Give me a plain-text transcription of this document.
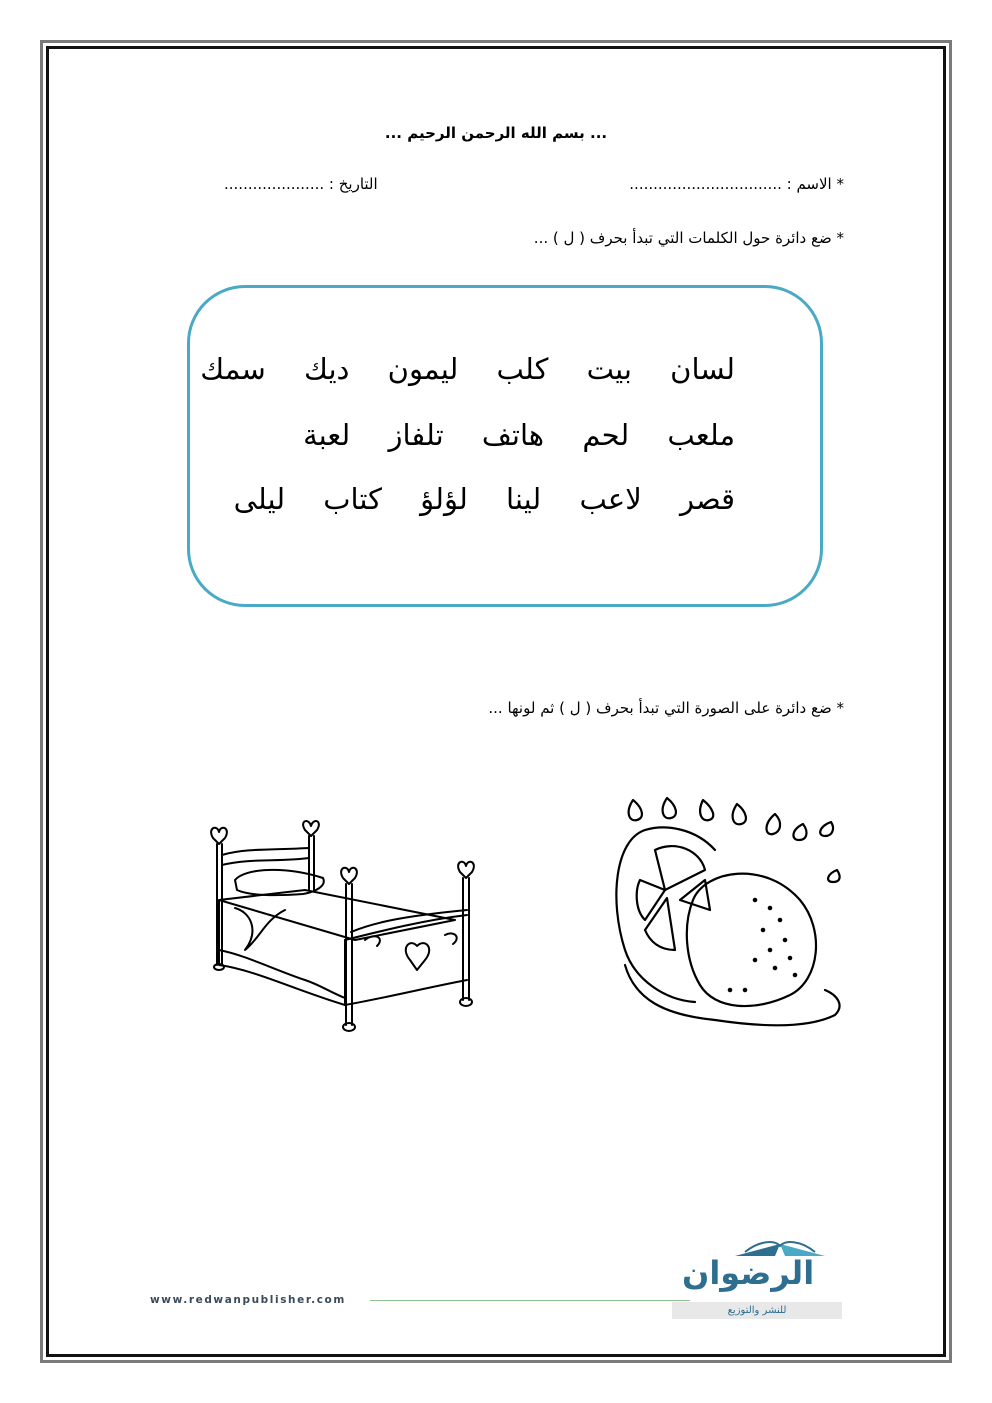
... بسم الله الرحمن الرحيم ...
* الاسم : ................................
التاريخ : .....................
* ضع دائرة حول الكلمات التي تبدأ بحرف ( ل ) ...
لسان بيت كلب ليمون ديك سمك
ملعب لحم هاتف تلفاز لعبة
قصر لاعب لينا لؤلؤ كتاب ليلى
* ضع دائرة على الصورة التي تبدأ بحرف ( ل ) ثم لونها ...
www.redwanpublisher.com
الرضوان
للنشر والتوزيع
